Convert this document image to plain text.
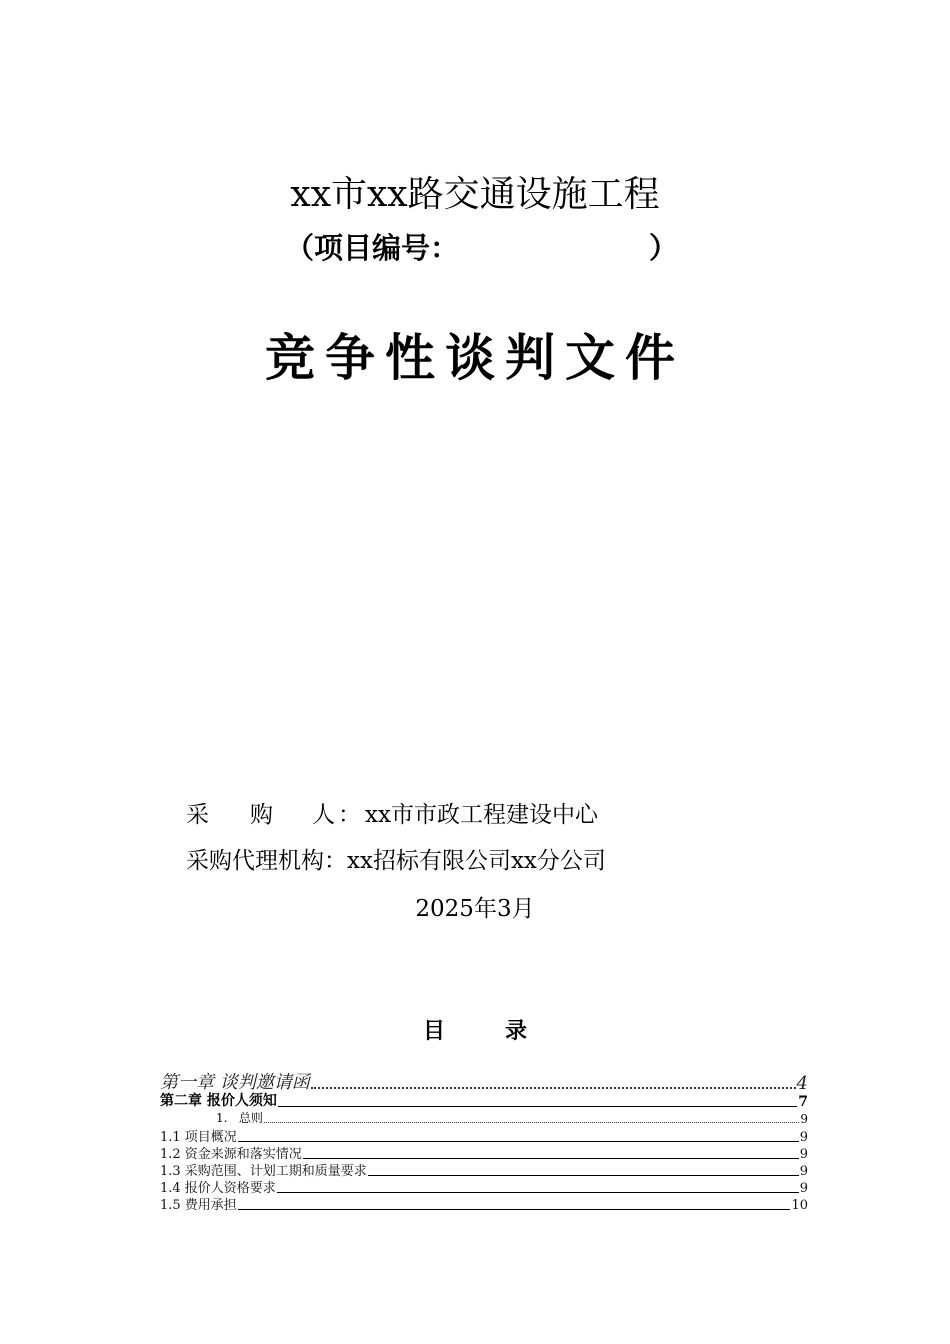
xx市xx路交通设施工程
（项目编号：	）
竞争性谈判文件
采 购 人 ： xx市市政工程建设中心
采购代理机构：xx招标有限公司xx分公司
2025年3月
目录
第一章 谈判邀请函	4
第二章 报价人须知	7
1.   总则	9
1.1 项目概况	9
1.2 资金来源和落实情况	9
1.3 采购范围、计划工期和质量要求	9
1.4 报价人资格要求	9
1.5 费用承担	10
